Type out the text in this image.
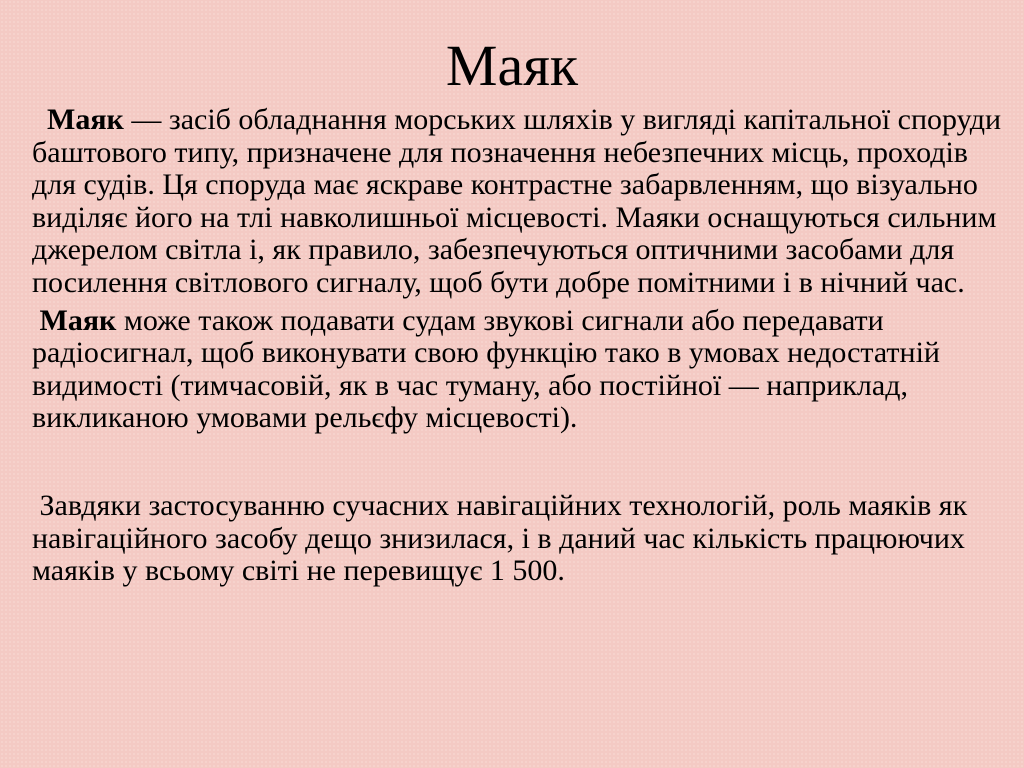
Маяк

Маяк — засіб обладнання морських шляхів у вигляді капітальної споруди баштового типу, призначене для позначення небезпечних місць, проходів для судів. Ця споруда має яскраве контрастне забарвленням, що візуально виділяє його на тлі навколишньої місцевості. Маяки оснащуються сильним джерелом світла і, як правило, забезпечуються оптичними засобами для посилення світлового сигналу, щоб бути добре помітними і в нічний час.

Маяк може також подавати судам звукові сигнали або передавати радіосигнал, щоб виконувати свою функцію тако в умовах недостатній видимості (тимчасовій, як в час туману, або постійної — наприклад, викликаною умовами рельєфу місцевості).

Завдяки застосуванню сучасних навігаційних технологій, роль маяків як навігаційного засобу дещо знизилася, і в даний час кількість працюючих маяків у всьому світі не перевищує 1 500.
